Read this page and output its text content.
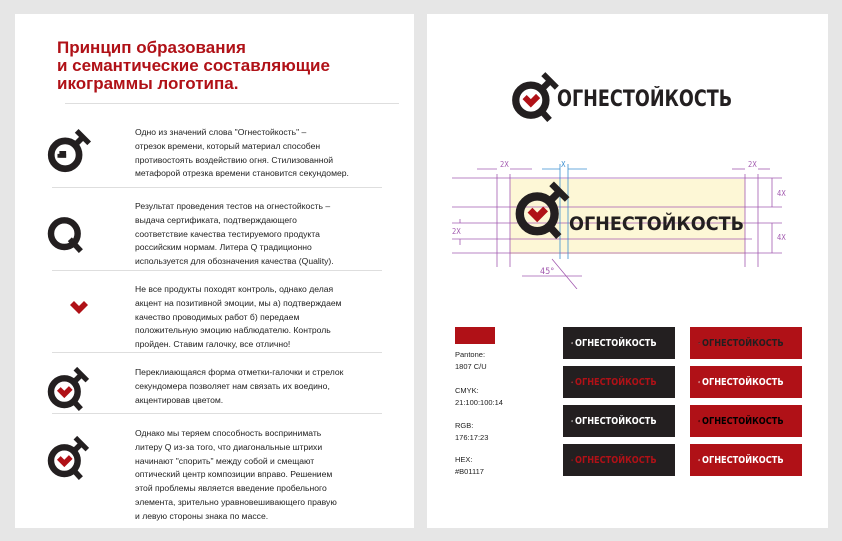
Принцип образования
и семантические составляющие
икограммы логотипа.
Одно из значений слова "Огнестойкость" –
отрезок времени, который материал способен
противостоять воздействию огня. Стилизованной
метафорой отрезка времени становится секундомер.
Результат проведения тестов на огнестойкость –
выдача сертификата, подтверждающего
соответствие качества тестируемого продукта
российским нормам. Литера Q традиционно
используется для обозначения качества (Quality).
Не все продукты походят контроль, однако делая
акцент на позитивной эмоции, мы а) подтверждаем
качество проводимых работ б) передаем
положительную эмоцию наблюдателю. Контроль
пройден. Ставим галочку, все отлично!
Переклиающаяся форма отметки-галочки и стрелок
секундомера позволяет нам связать их воедино,
акцентировав цветом.
Однако мы теряем способность воспринимать
литеру Q из-за того, что диагональные штрихи
начинают "спорить" между собой и смещают
оптический центр композиции вправо. Решением
этой проблемы является введение пробельного
элемента, зрительно уравновешивающего правую
и левую стороны знака по массе.
ОГНЕСТОЙКОСТЬ
ОГНЕСТОЙКОСТЬ
2X	2X
2X
4X
4X
45°
X
Pantone:
1807 C/U
CMYK:
21:100:100:14
RGB:
176:17:23
HEX:
#B01117
ОГНЕСТОЙКОСТЬ
ОГНЕСТОЙКОСТЬ
ОГНЕСТОЙКОСТЬ
ОГНЕСТОЙКОСТЬ
ОГНЕСТОЙКОСТЬ
ОГНЕСТОЙКОСТЬ
ОГНЕСТОЙКОСТЬ
ОГНЕСТОЙКОСТЬ
